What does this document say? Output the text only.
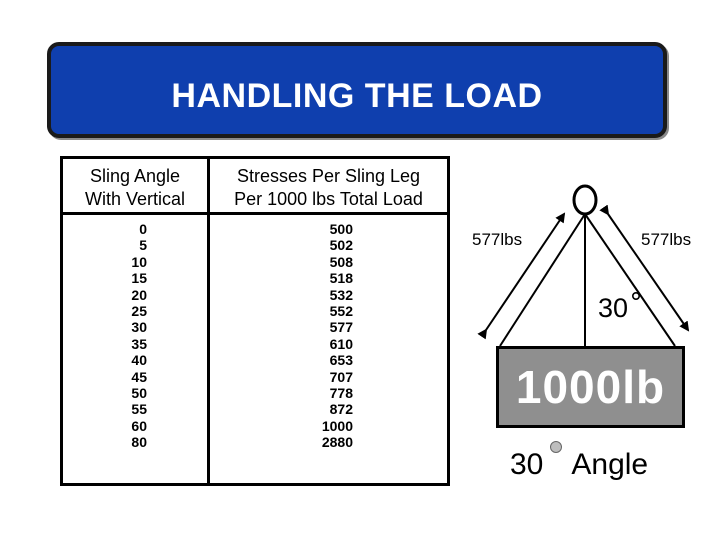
HANDLING THE LOAD
Sling Angle
With Vertical
Stresses Per Sling Leg
Per 1000 lbs Total Load
0
5
10
15
20
25
30
35
40
45
50
55
60
80
500
502
508
518
532
552
577
610
653
707
778
872
1000
2880
577lbs	577lbs
30
1000lb
30 Angle
